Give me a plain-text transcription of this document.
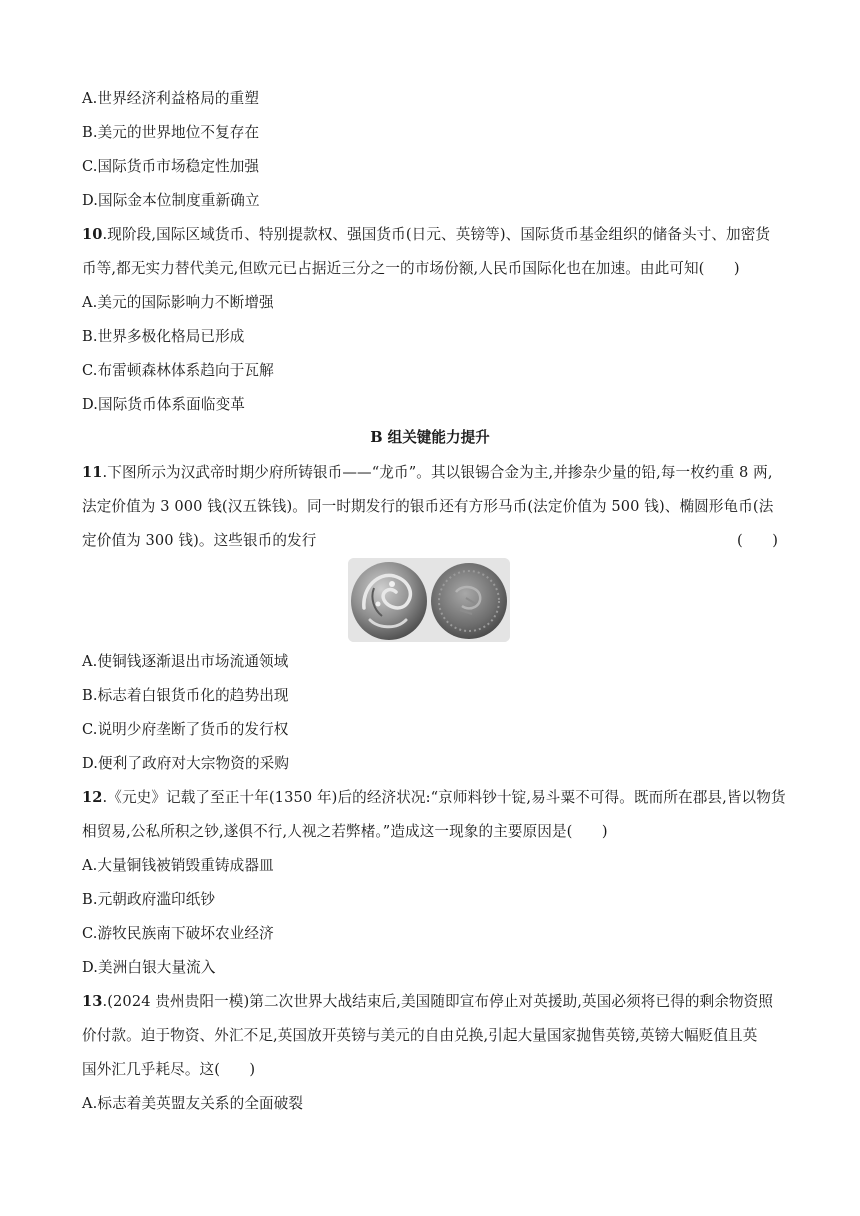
A.世界经济利益格局的重塑
B.美元的世界地位不复存在
C.国际货币市场稳定性加强
D.国际金本位制度重新确立
10.现阶段,国际区域货币、特别提款权、强国货币(日元、英镑等)、国际货币基金组织的储备头寸、加密货
币等,都无实力替代美元,但欧元已占据近三分之一的市场份额,人民币国际化也在加速。由此可知(　　)
A.美元的国际影响力不断增强
B.世界多极化格局已形成
C.布雷顿森林体系趋向于瓦解
D.国际货币体系面临变革
B 组关键能力提升
11.下图所示为汉武帝时期少府所铸银币——“龙币”。其以银锡合金为主,并掺杂少量的铅,每一枚约重 8 两,
法定价值为 3 000 钱(汉五铢钱)。同一时期发行的银币还有方形马币(法定价值为 500 钱)、椭圆形龟币(法
定价值为 300 钱)。这些银币的发行	(　　)
A.使铜钱逐渐退出市场流通领域
B.标志着白银货币化的趋势出现
C.说明少府垄断了货币的发行权
D.便利了政府对大宗物资的采购
12.《元史》记载了至正十年(1350 年)后的经济状况:“京师料钞十锭,易斗粟不可得。既而所在郡县,皆以物货
相贸易,公私所积之钞,遂俱不行,人视之若弊楮。”造成这一现象的主要原因是(　　)
A.大量铜钱被销毁重铸成器皿
B.元朝政府滥印纸钞
C.游牧民族南下破坏农业经济
D.美洲白银大量流入
13.(2024 贵州贵阳一模)第二次世界大战结束后,美国随即宣布停止对英援助,英国必须将已得的剩余物资照
价付款。迫于物资、外汇不足,英国放开英镑与美元的自由兑换,引起大量国家抛售英镑,英镑大幅贬值且英
国外汇几乎耗尽。这(　　)
A.标志着美英盟友关系的全面破裂
